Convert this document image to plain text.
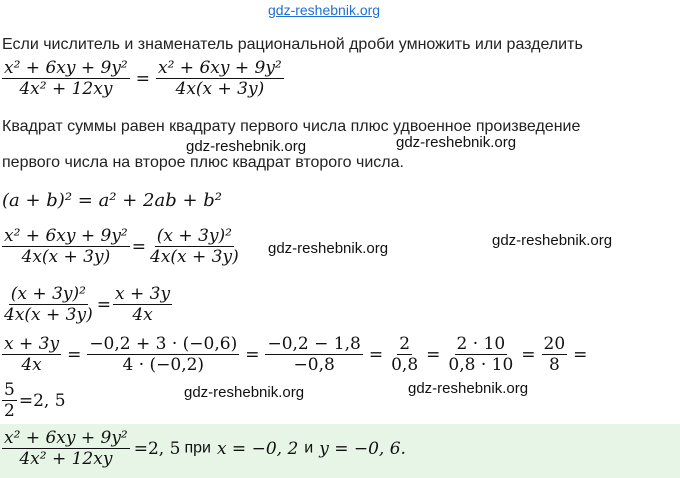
gdz-reshebnik.org
Если числитель и знаменатель рациональной дроби умножить или разделить
$\frac{\text{x² + 6xy + 9y²}}{\text{4x² + 12xy}} = \frac{\text{x² + 6xy + 9y²}}{4x(x + 3y)}$
Квадрат суммы равен квадрату первого числа плюс удвоенное произведение
первого числа на второе плюс квадрат второго числа.
gdz-reshebnik.org	gdz-reshebnik.org
(a + b)² = a² + 2ab + b²
$\frac{\text{x² + 6xy + 9y²}}{4x(x + 3y)} = \frac{\text{(x + 3y)²}}{4x(x + 3y)}$ gdz-reshebnik.org	gdz-reshebnik.org
$\frac{\text{(x + 3y)²}}{4x(x + 3y)} = \frac{x + 3y}{4x}$
$\frac{x + 3y}{4x} = \frac{-0,2 + 3 \cdot (-0,6)}{4 \cdot (-0,2)} = \frac{-0,2 - 1,8}{-0,8} = \frac{2}{0,8} = \frac{2 \cdot 10}{0,8 \cdot 10} = \frac{20}{8}$ =
$\frac{5}{2} =2$, 5	gdz-reshebnik.org	gdz-reshebnik.org
$\frac{\text{x² + 6xy + 9y²}}{\text{4x² + 12xy}} =2$, 5 при x = −0, 2 и y = −0, 6.
